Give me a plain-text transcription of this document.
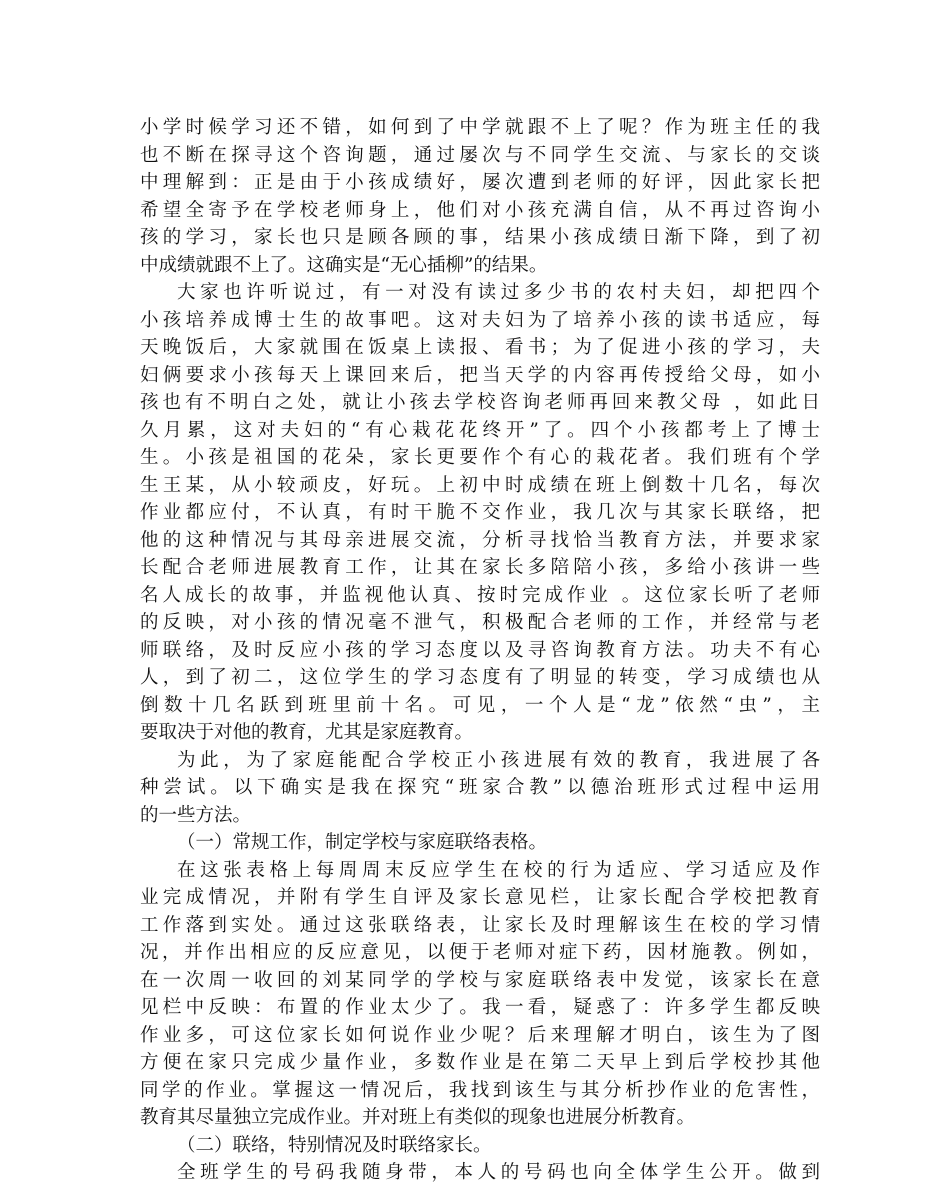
小学时候学习还不错，如何到了中学就跟不上了呢？作为班主任的我
也不断在探寻这个咨询题，通过屡次与不同学生交流、与家长的交谈
中理解到：正是由于小孩成绩好，屡次遭到老师的好评，因此家长把
希望全寄予在学校老师身上，他们对小孩充满自信，从不再过咨询小
孩的学习，家长也只是顾各顾的事，结果小孩成绩日渐下降，到了初
中成绩就跟不上了。这确实是“无心插柳”的结果。
大家也许听说过，有一对没有读过多少书的农村夫妇，却把四个
小孩培养成博士生的故事吧。这对夫妇为了培养小孩的读书适应，每
天晚饭后，大家就围在饭桌上读报、看书；为了促进小孩的学习，夫
妇俩要求小孩每天上课回来后，把当天学的内容再传授给父母，如小
孩也有不明白之处，就让小孩去学校咨询老师再回来教父母 ，如此日
久月累，这对夫妇的“有心栽花花终开”了。四个小孩都考上了博士
生。小孩是祖国的花朵，家长更要作个有心的栽花者。我们班有个学
生王某，从小较顽皮，好玩。上初中时成绩在班上倒数十几名，每次
作业都应付，不认真，有时干脆不交作业，我几次与其家长联络，把
他的这种情况与其母亲进展交流，分析寻找恰当教育方法，并要求家
长配合老师进展教育工作，让其在家长多陪陪小孩，多给小孩讲一些
名人成长的故事，并监视他认真、按时完成作业 。这位家长听了老师
的反映，对小孩的情况毫不泄气，积极配合老师的工作，并经常与老
师联络，及时反应小孩的学习态度以及寻咨询教育方法。功夫不有心
人，到了初二，这位学生的学习态度有了明显的转变，学习成绩也从
倒数十几名跃到班里前十名。可见，一个人是“龙”依然“虫”，主
要取决于对他的教育，尤其是家庭教育。
为此，为了家庭能配合学校正小孩进展有效的教育，我进展了各
种尝试。以下确实是我在探究“班家合教”以德治班形式过程中运用
的一些方法。
（一）常规工作，制定学校与家庭联络表格。
在这张表格上每周周末反应学生在校的行为适应、学习适应及作
业完成情况，并附有学生自评及家长意见栏，让家长配合学校把教育
工作落到实处。通过这张联络表，让家长及时理解该生在校的学习情
况，并作出相应的反应意见，以便于老师对症下药，因材施教。例如，
在一次周一收回的刘某同学的学校与家庭联络表中发觉，该家长在意
见栏中反映：布置的作业太少了。我一看，疑惑了：许多学生都反映
作业多，可这位家长如何说作业少呢？后来理解才明白，该生为了图
方便在家只完成少量作业，多数作业是在第二天早上到后学校抄其他
同学的作业。掌握这一情况后，我找到该生与其分析抄作业的危害性，
教育其尽量独立完成作业。并对班上有类似的现象也进展分析教育。
（二）联络，特别情况及时联络家长。
全班学生的号码我随身带，本人的号码也向全体学生公开。做到
